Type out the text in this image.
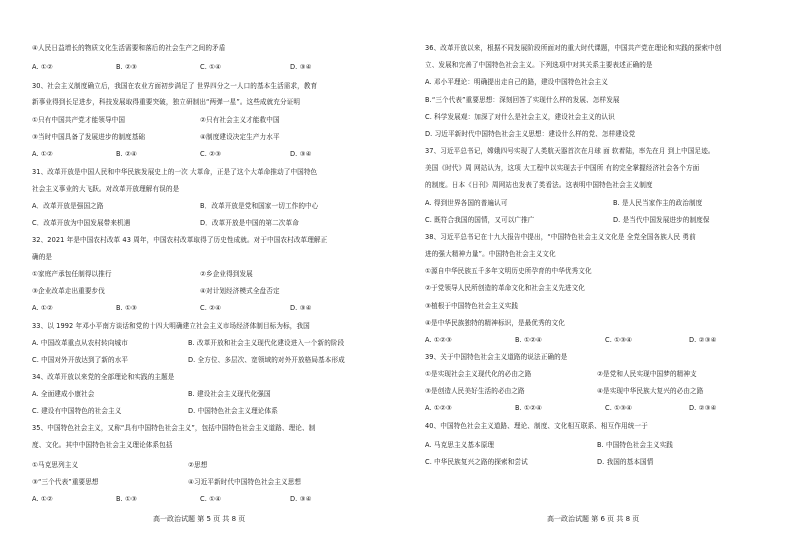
④人民日益增长的物质文化生活需要和落后的社会生产之间的矛盾
A. ①②	B. ②③	C. ①④	D. ③④
30、社会主义制度确立后，我国在农业方面初步满足了 世界四分之一人口的基本生活需求，教育
新事业得到长足进步，科技发展取得重要突破，独立研制出“两弹一星”。这些成就充分证明
①只有中国共产党才能领导中国	②只有社会主义才能救中国
③当时中国具备了发展进步的制度基础	④制度建设决定生产力水平
A. ①②	B. ②④	C. ②③	D. ③④
31、改革开放是中国人民和中华民族发展史上的一次 大革命，正是了这个大革命推动了中国特色
社会主义事业的大飞跃。对改革开放理解有误的是
A．改革开放是强国之路	B．改革开放是党和国家一切工作的中心
C．改革开放为中国发展带来机遇	D．改革开放是中国的第二次革命
32、2021 年是中国农村改革 43 周年，中国农村改革取得了历史性成就。对于中国农村改革理解正
确的是
①家庭产承包任制得以推行	②乡企业得到发展
③企业改革走出重要步伐	④对计划经济模式全盘否定
A. ①②	B. ①③	C. ②④	D. ③④
33、以 1992 年邓小平南方谈话和党的十四大明确建立社会主义市场经济体制目标为标，我国
A. 中国改革重点从农村转向城市	B. 改革开放和社会主义现代化建设进入一个新的阶段
C. 中国对外开放达到了新的水平	D. 全方位、多层次、宽领域的对外开放格局基本形成
34、改革开放以来党的全部理论和实践的主题是
A. 全面建成小康社会	B. 建设社会主义现代化强国
C. 建设有中国特色的社会主义	D. 中国特色社会主义理论体系
35、中国特色社会主义，又称“具有中国特色社会主义”，包括中国特色社会主义道路、理论、制
度、文化。其中中国特色社会主义理论体系包括
①马克思列主义	②思想
③“三个代表”重要思想	④习近平新时代中国特色社会主义思想
A. ①②	B. ①③	C. ①④	D. ③④
高一政治试题 第 5 页 共 8 页
36、改革开放以来，根据不同发展阶段所面对的重大时代课题，中国共产党在理论和实践的探索中创
立、发展和完善了中国特色社会主义。下列选项中对其关系主要表述正确的是
A. 邓小平理论：明确提出走自己的路，建设中国特色社会主义
B.“三个代表”重要思想：深刻回答了实现什么样的发展、怎样发展
C. 科学发展观：加深了对什么是社会主义，建设社会主义的认识
D. 习近平新时代中国特色社会主义思想：建设什么样的党、怎样建设党
37、习近平总书记，嫦娥四号实现了人类航天器首次在月球 面 软着陆，率先在月 到上中国足迹。
美国《时代》周 网站认为，这项 大工程中以实现去于中国所 有的完全掌握经济社会各个方面
的制度。日本《日刊》周网站也发表了类看法。这表明中国特色社会主义制度
A. 得到世界各国的普遍认可	B. 是人民当家作主的政治制度
C. 既符合我国的国情，又可以广推广	D. 是当代中国发展进步的制度保
38、习近平总书记在十九大报告中提出，“中国特色社会主义文化是 全党全国各族人民 勇前
进的强大精神力量”。中国特色社会主义文化
①源自中华民族五千多年文明历史所孕育的中华优秀文化
②于党领导人民所创造的革命文化和社会主义先进文化
③植根于中国特色社会主义实践
④是中华民族独特的精神标识，是最优秀的文化
A. ①②③	B. ①②④	C. ①③④	D. ②③④
39、关于中国特色社会主义道路的说法正确的是
①是实现社会主义现代化的必由之路	②是党和人民实现中国梦的精神支
③是创造人民美好生活的必由之路	④是实现中华民族大复兴的必由之路
A. ①②③	B. ①②④	C. ①③④	D. ②③④
40、中国特色社会主义道路、理论、制度、文化相互联系、相互作用统一于
A. 马克思主义基本原理	B. 中国特色社会主义实践
C. 中华民族复兴之路的探索和尝试	D. 我国的基本国情
高一政治试题 第 6 页 共 8 页
